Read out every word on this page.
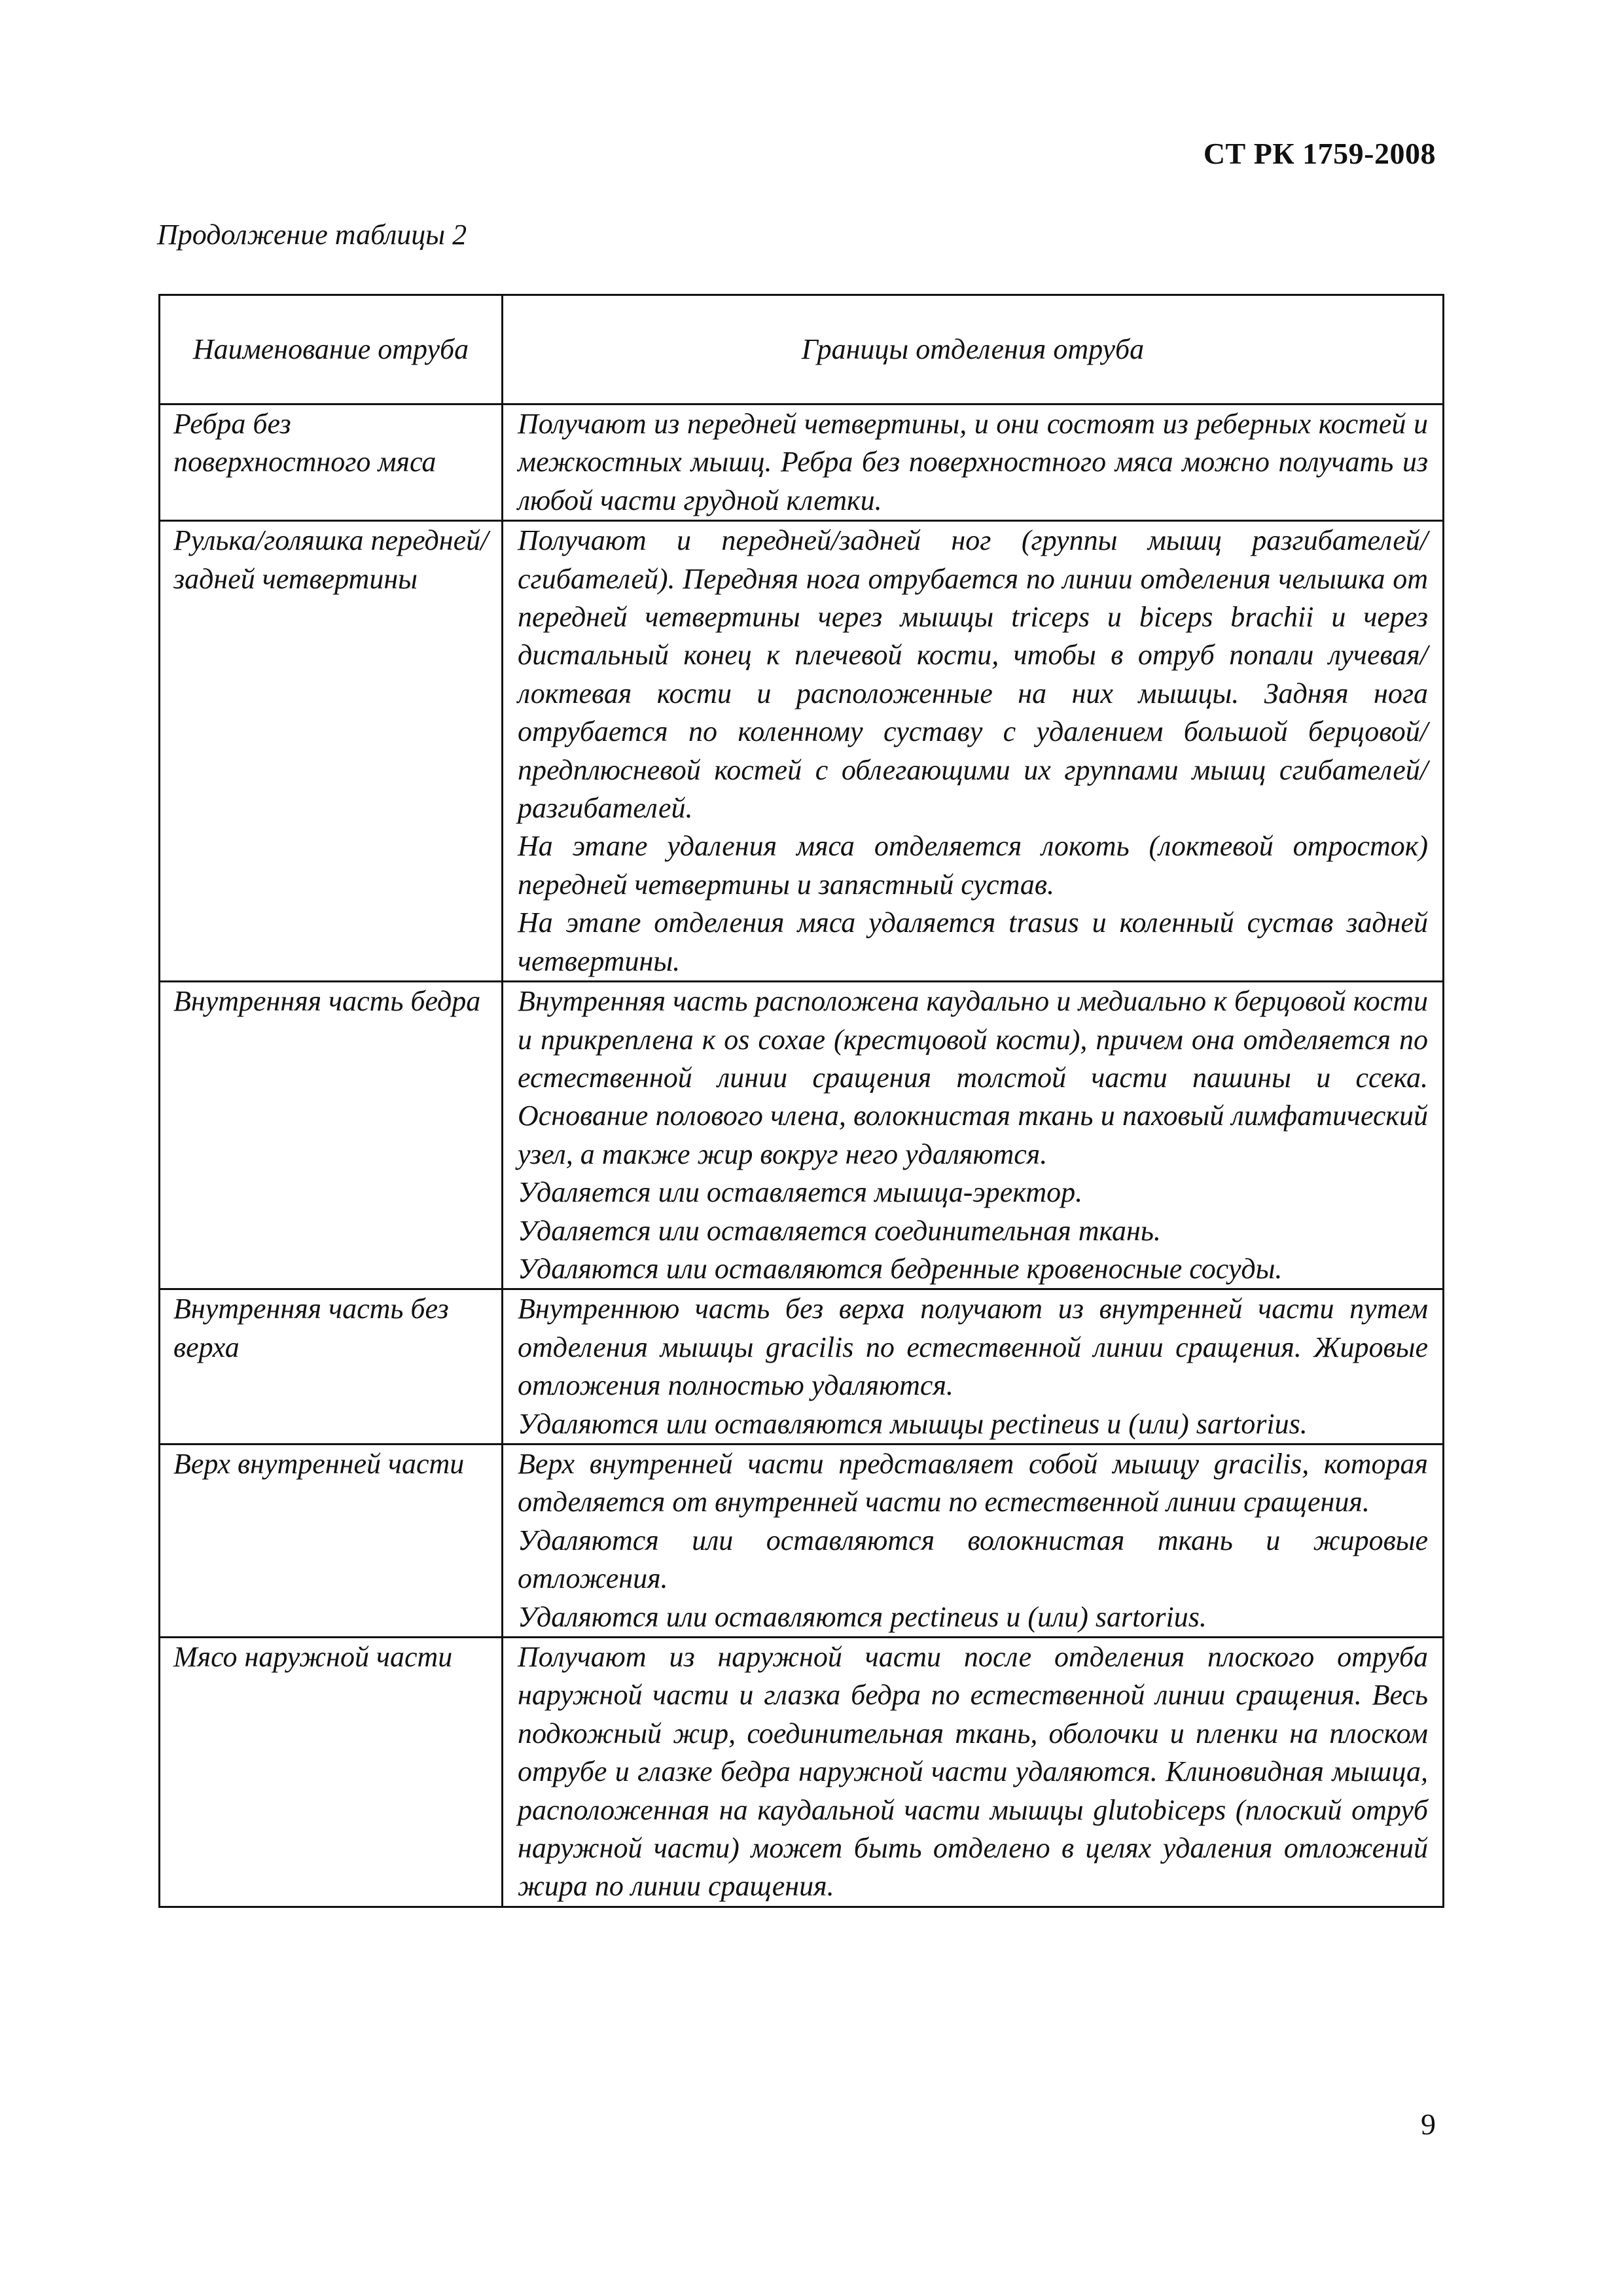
СТ РК 1759-2008
Продолжение таблицы 2
Наименование отруба	Границы отделения отруба
Ребра без поверхностного мяса	Получают из передней четвертины, и они состоят из реберных костей и межкостных мышц. Ребра без поверхностного мяса можно получать из любой части грудной клетки.

Рулька/голяшка передней/задней четвертины	Получают и передней/задней ног (группы мышц разгибателей/сгибателей). Передняя нога отрубается по линии отделения челышка от передней четвертины через мышцы triceps и biceps brachii и через дистальный конец к плечевой кости, чтобы в отруб попали лучевая/локтевая кости и расположенные на них мышцы. Задняя нога отрубается по коленному суставу с удалением большой берцовой/предплюсневой костей с облегающими их группами мышц сгибателей/разгибателей.
На этапе удаления мяса отделяется локоть (локтевой отросток) передней четвертины и запястный сустав.
На этапе отделения мяса удаляется trasus и коленный сустав задней четвертины.

Внутренняя часть бедра	Внутренняя часть расположена каудально и медиально к берцовой кости и прикреплена к os coxae (крестцовой кости), причем она отделяется по естественной линии сращения толстой части пашины и ссека. Основание полового члена, волокнистая ткань и паховый лимфатический узел, а также жир вокруг него удаляются.
Удаляется или оставляется мышца-эректор.
Удаляется или оставляется соединительная ткань.
Удаляются или оставляются бедренные кровеносные сосуды.

Внутренняя часть без верха	Внутреннюю часть без верха получают из внутренней части путем отделения мышцы gracilis по естественной линии сращения. Жировые отложения полностью удаляются.
Удаляются или оставляются мышцы pectineus и (или) sartorius.

Верх внутренней части	Верх внутренней части представляет собой мышцу gracilis, которая отделяется от внутренней части по естественной линии сращения.
Удаляются или оставляются волокнистая ткань и жировые отложения.
Удаляются или оставляются pectineus и (или) sartorius.

Мясо наружной части	Получают из наружной части после отделения плоского отруба наружной части и глазка бедра по естественной линии сращения. Весь подкожный жир, соединительная ткань, оболочки и пленки на плоском отрубе и глазке бедра наружной части удаляются. Клиновидная мышца, расположенная на каудальной части мышцы glutobiceps (плоский отруб наружной части) может быть отделено в целях удаления отложений жира по линии сращения.
9
